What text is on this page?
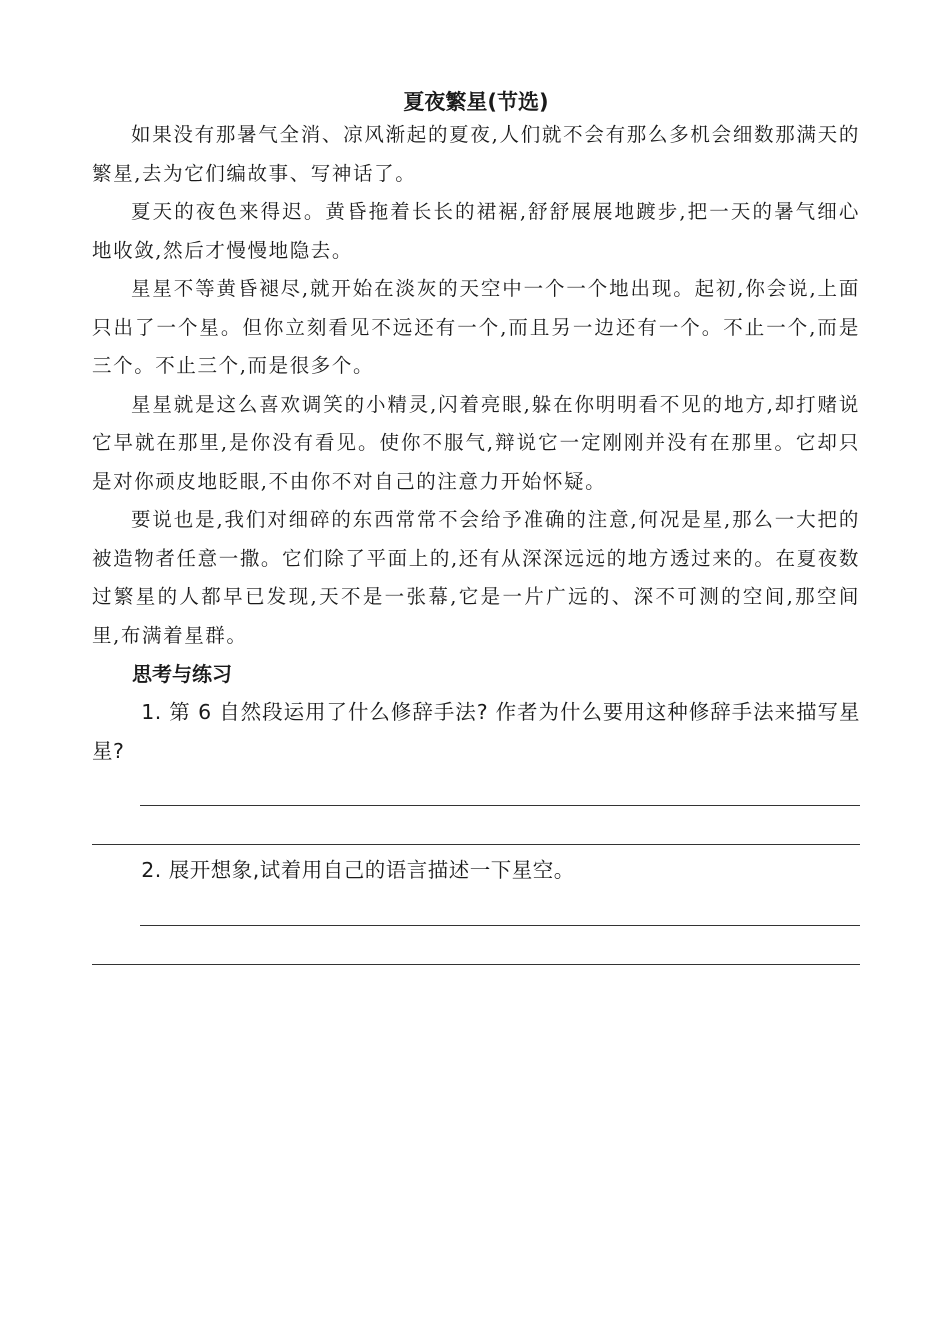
夏夜繁星(节选)

如果没有那暑气全消、凉风渐起的夏夜,人们就不会有那么多机会细数那满天的繁星,去为它们编故事、写神话了。

夏天的夜色来得迟。黄昏拖着长长的裙裾,舒舒展展地踱步,把一天的暑气细心地收敛,然后才慢慢地隐去。

星星不等黄昏褪尽,就开始在淡灰的天空中一个一个地出现。起初,你会说,上面只出了一个星。但你立刻看见不远还有一个,而且另一边还有一个。不止一个,而是三个。不止三个,而是很多个。

星星就是这么喜欢调笑的小精灵,闪着亮眼,躲在你明明看不见的地方,却打赌说它早就在那里,是你没有看见。使你不服气,辩说它一定刚刚并没有在那里。它却只是对你顽皮地眨眼,不由你不对自己的注意力开始怀疑。

要说也是,我们对细碎的东西常常不会给予准确的注意,何况是星,那么一大把的被造物者任意一撒。它们除了平面上的,还有从深深远远的地方透过来的。在夏夜数过繁星的人都早已发现,天不是一张幕,它是一片广远的、深不可测的空间,那空间里,布满着星群。

思考与练习

1. 第 6 自然段运用了什么修辞手法? 作者为什么要用这种修辞手法来描写星星?

2. 展开想象,试着用自己的语言描述一下星空。
